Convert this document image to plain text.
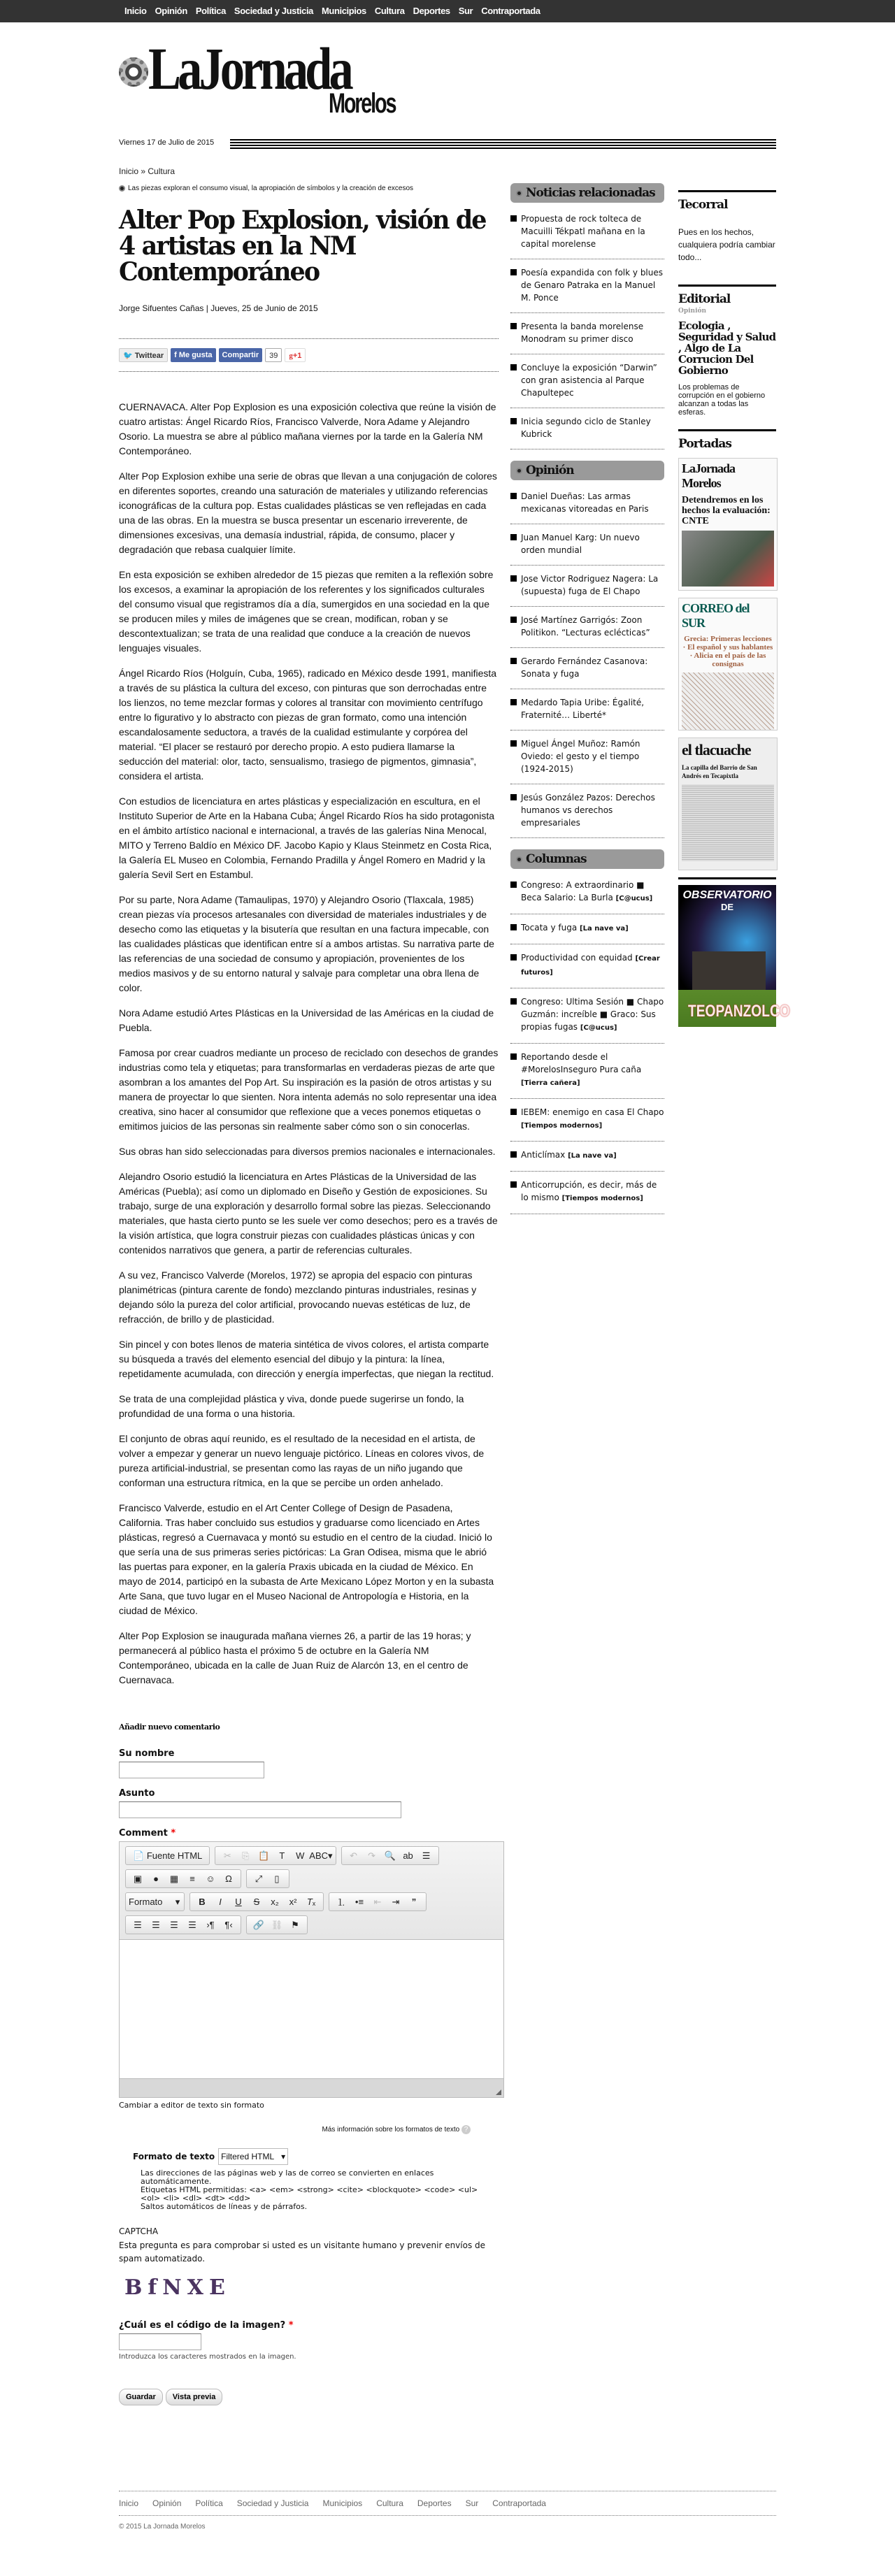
Inicio Opinión Política Sociedad y Justicia Municipios Cultura Deportes Sur Contraportada
LaJornada
Morelos
Viernes 17 de Julio de 2015
Inicio » Cultura
Las piezas exploran el consumo visual, la apropiación de símbolos y la creación de excesos
Alter Pop Explosion, visión de 4 artistas en la NM Contemporáneo
Jorge Sifuentes Cañas | Jueves, 25 de Junio de 2015
🐦 Twittear	f Me gusta	Compartir	39	g+1

CUERNAVACA. Alter Pop Explosion es una exposición colectiva que reúne la visión de cuatro artistas: Ángel Ricardo Ríos, Francisco Valverde, Nora Adame y Alejandro Osorio. La muestra se abre al público mañana viernes por la tarde en la Galería NM Contemporáneo.

Alter Pop Explosion exhibe una serie de obras que llevan a una conjugación de colores en diferentes soportes, creando una saturación de materiales y utilizando referencias iconográficas de la cultura pop. Estas cualidades plásticas se ven reflejadas en cada una de las obras. En la muestra se busca presentar un escenario irreverente, de dimensiones excesivas, una demasía industrial, rápida, de consumo, placer y degradación que rebasa cualquier límite.

En esta exposición se exhiben alrededor de 15 piezas que remiten a la reflexión sobre los excesos, a examinar la apropiación de los referentes y los significados culturales del consumo visual que registramos día a día, sumergidos en una sociedad en la que se producen miles y miles de imágenes que se crean, modifican, roban y se descontextualizan; se trata de una realidad que conduce a la creación de nuevos lenguajes visuales.

Ángel Ricardo Ríos (Holguín, Cuba, 1965), radicado en México desde 1991, manifiesta a través de su plástica la cultura del exceso, con pinturas que son derrochadas entre los lienzos, no teme mezclar formas y colores al transitar con movimiento centrífugo entre lo figurativo y lo abstracto con piezas de gran formato, como una intención escandalosamente seductora, a través de la cualidad estimulante y corpórea del material. “El placer se restauró por derecho propio. A esto pudiera llamarse la seducción del material: olor, tacto, sensualismo, trasiego de pigmentos, gimnasia”, considera el artista.

Con estudios de licenciatura en artes plásticas y especialización en escultura, en el Instituto Superior de Arte en la Habana Cuba; Ángel Ricardo Ríos ha sido protagonista en el ámbito artístico nacional e internacional, a través de las galerías Nina Menocal, MITO y Terreno Baldío en México DF. Jacobo Kapio y Klaus Steinmetz en Costa Rica, la Galería EL Museo en Colombia, Fernando Pradilla y Ángel Romero en Madrid y la galería Sevil Sert en Estambul.

Por su parte, Nora Adame (Tamaulipas, 1970) y Alejandro Osorio (Tlaxcala, 1985) crean piezas vía procesos artesanales con diversidad de materiales industriales y de desecho como las etiquetas y la bisutería que resultan en una factura impecable, con las cualidades plásticas que identifican entre sí a ambos artistas. Su narrativa parte de las referencias de una sociedad de consumo y apropiación, provenientes de los medios masivos y de su entorno natural y salvaje para completar una obra llena de color.

Nora Adame estudió Artes Plásticas en la Universidad de las Américas en la ciudad de Puebla.

Famosa por crear cuadros mediante un proceso de reciclado con desechos de grandes industrias como tela y etiquetas; para transformarlas en verdaderas piezas de arte que asombran a los amantes del Pop Art. Su inspiración es la pasión de otros artistas y su manera de proyectar lo que sienten. Nora intenta además no solo representar una idea creativa, sino hacer al consumidor que reflexione que a veces ponemos etiquetas o emitimos juicios de las personas sin realmente saber cómo son o sin conocerlas.

Sus obras han sido seleccionadas para diversos premios nacionales e internacionales.

Alejandro Osorio estudió la licenciatura en Artes Plásticas de la Universidad de las Américas (Puebla); así como un diplomado en Diseño y Gestión de exposiciones. Su trabajo, surge de una exploración y desarrollo formal sobre las piezas. Seleccionando materiales, que hasta cierto punto se les suele ver como desechos; pero es a través de la visión artística, que logra construir piezas con cualidades plásticas únicas y con contenidos narrativos que genera, a partir de referencias culturales.

A su vez, Francisco Valverde (Morelos, 1972) se apropia del espacio con pinturas planimétricas (pintura carente de fondo) mezclando pinturas industriales, resinas y dejando sólo la pureza del color artificial, provocando nuevas estéticas de luz, de refracción, de brillo y de plasticidad.

Sin pincel y con botes llenos de materia sintética de vivos colores, el artista comparte su búsqueda a través del elemento esencial del dibujo y la pintura: la línea, repetidamente acumulada, con dirección y energía imperfectas, que niegan la rectitud.

Se trata de una complejidad plástica y viva, donde puede sugerirse un fondo, la profundidad de una forma o una historia.

El conjunto de obras aquí reunido, es el resultado de la necesidad en el artista, de volver a empezar y generar un nuevo lenguaje pictórico. Líneas en colores vivos, de pureza artificial-industrial, se presentan como las rayas de un niño jugando que conforman una estructura rítmica, en la que se percibe un orden anhelado.

Francisco Valverde, estudio en el Art Center College of Design de Pasadena, California. Tras haber concluido sus estudios y graduarse como licenciado en Artes plásticas, regresó a Cuernavaca y montó su estudio en el centro de la ciudad. Inició lo que sería una de sus primeras series pictóricas: La Gran Odisea, misma que le abrió las puertas para exponer, en la galería Praxis ubicada en la ciudad de México. En mayo de 2014, participó en la subasta de Arte Mexicano López Morton y en la subasta Arte Sana, que tuvo lugar en el Museo Nacional de Antropología e Historia, en la ciudad de México.

Alter Pop Explosion se inaugurada mañana viernes 26, a partir de las 19 horas; y permanecerá al público hasta el próximo 5 de octubre en la Galería NM Contemporáneo, ubicada en la calle de Juan Ruiz de Alarcón 13, en el centro de Cuernavaca.

Añadir nuevo comentario
Su nombre
Asunto
Comment *
📄 Fuente HTML	✂	⎘ 📋	T	W ABC▾	↶	↷ 🔍 ab ☰
▣	●	▦	≡	☺	Ω	⤢	▯
Formato ▾	B	I	U	S	x₂	x²	Tₓ	⒈	•≡	⇤	⇥	”
☰	☰	☰	☰	›¶	¶‹	🔗 ⛓ ⚑
Cambiar a editor de texto sin formato
Más información sobre los formatos de texto ?
Formato de texto Filtered HTML ▾
Las direcciones de las páginas web y las de correo se convierten en enlaces automáticamente.
Etiquetas HTML permitidas: <a> <em> <strong> <cite> <blockquote> <code> <ul> <ol> <li> <dl> <dt> <dd>
Saltos automáticos de líneas y de párrafos.
CAPTCHA
Esta pregunta es para comprobar si usted es un visitante humano y prevenir envíos de spam automatizado.
BfNXE
¿Cuál es el código de la imagen? *
Introduzca los caracteres mostrados en la imagen.
Guardar	Vista previa
Noticias relacionadas
Propuesta de rock tolteca de Macuilli Tékpatl mañana en la capital morelense
Poesía expandida con folk y blues de Genaro Patraka en la Manuel M. Ponce
Presenta la banda morelense Monodram su primer disco
Concluye la exposición “Darwin” con gran asistencia al Parque Chapultepec
Inicia segundo ciclo de Stanley Kubrick
Opinión
Daniel Dueñas: Las armas mexicanas vitoreadas en Paris
Juan Manuel Karg: Un nuevo orden mundial
Jose Victor Rodriguez Nagera: La (supuesta) fuga de El Chapo
José Martínez Garrigós: Zoon Politikon. “Lecturas eclécticas”
Gerardo Fernández Casanova: Sonata y fuga
Medardo Tapia Uribe: Égalité, Fraternité… Liberté*
Miguel Ángel Muñoz: Ramón Oviedo: el gesto y el tiempo (1924-2015)
Jesús González Pazos: Derechos humanos vs derechos empresariales
Columnas
Congreso: A extraordinario ■ Beca Salario: La Burla [C@ucus]
Tocata y fuga [La nave va]
Productividad con equidad [Crear futuros]
Congreso: Ultima Sesión ■ Chapo Guzmán: increíble ■ Graco: Sus propias fugas [C@ucus]
Reportando desde el #MorelosInseguro Pura caña [Tierra cañera]
IEBEM: enemigo en casa El Chapo [Tiempos modernos]
Anticlímax [La nave va]
Anticorrupción, es decir, más de lo mismo [Tiempos modernos]
Tecorral

Pues en los hechos, cualquiera podría cambiar todo...

Editorial
Opinión
Ecologia , Seguridad y Salud , Algo de La Corrucion Del Gobierno

Los problemas de corrupción en el gobierno alcanzan a todas las esferas.

Portadas
LaJornada Morelos
Detendremos en los hechos la evaluación: CNTE
CORREO del SUR
Grecia: Primeras lecciones · El español y sus hablantes · Alicia en el país de las consignas
el tlacuache
La capilla del Barrio de San Andrés en Tecapixtla
OBSERVATORIO
DE
TEOPANZOLCO
Inicio Opinión Política Sociedad y Justicia Municipios Cultura Deportes Sur Contraportada
© 2015 La Jornada Morelos
